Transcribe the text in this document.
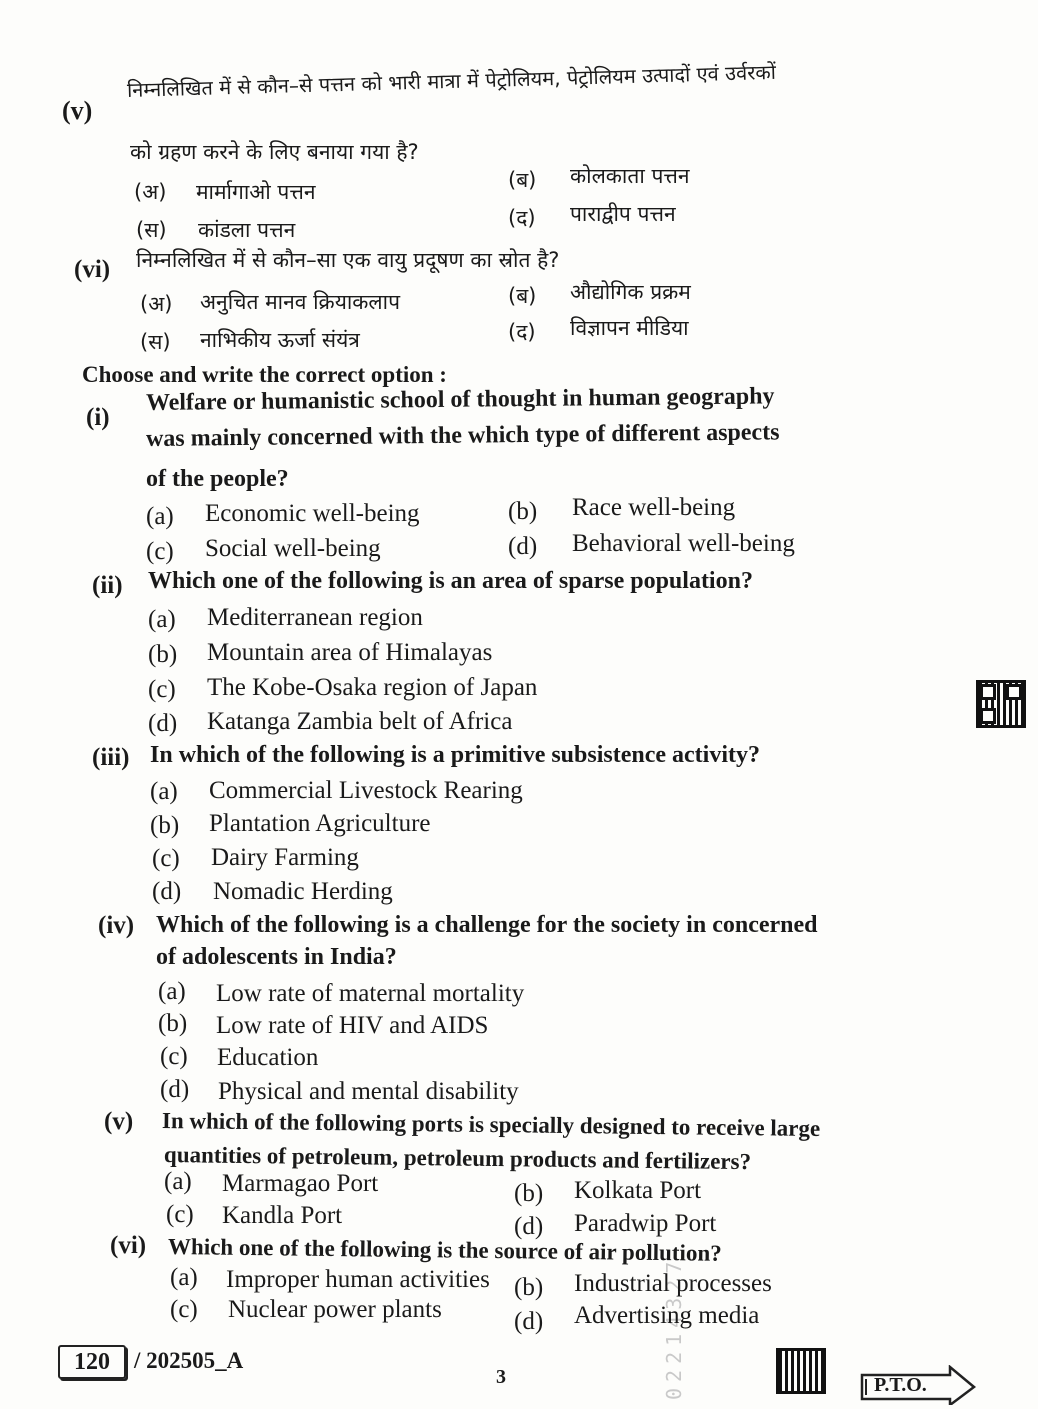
02214327
(v)
निम्नलिखित में से कौन–से पत्तन को भारी मात्रा में पेट्रोलियम, पेट्रोलियम उत्पादों एवं उर्वरकों
को ग्रहण करने के लिए बनाया गया है?
(अ) मार्मागाओ पत्तन	(ब) कोलकाता पत्तन
(स) कांडला पत्तन	(द) पाराद्वीप पत्तन
(vi) निम्नलिखित में से कौन–सा एक वायु प्रदूषण का स्रोत है?
(अ) अनुचित मानव क्रियाकलाप	(ब) औद्योगिक प्रक्रम
(स) नाभिकीय ऊर्जा संयंत्र	(द) विज्ञापन मीडिया
Choose and write the correct option :
(i)
Welfare or humanistic school of thought in human geography
was mainly concerned with the which type of different aspects
of the people?
(a) Economic well-being	(b) Race well-being
(c) Social well-being	(d) Behavioral well-being
(ii) Which one of the following is an area of sparse population?
(a) Mediterranean region
(b) Mountain area of Himalayas
(c) The Kobe-Osaka region of Japan
(d) Katanga Zambia belt of Africa
(iii) In which of the following is a primitive subsistence activity?
(a) Commercial Livestock Rearing
(b) Plantation Agriculture
(c) Dairy Farming
(d) Nomadic Herding
(iv) Which of the following is a challenge for the society in concerned
of adolescents in India?
(a) Low rate of maternal mortality
(b) Low rate of HIV and AIDS
(c) Education
(d) Physical and mental disability
(v) In which of the following ports is specially designed to receive large
quantities of petroleum, petroleum products and fertilizers?
(a) Marmagao Port	(b) Kolkata Port
(c) Kandla Port	(d) Paradwip Port
(vi) Which one of the following is the source of air pollution?
(a) Improper human activities (b) Industrial processes
(c) Nuclear power plants	(d) Advertising media
120	/ 202505_A
3	P.T.O.
